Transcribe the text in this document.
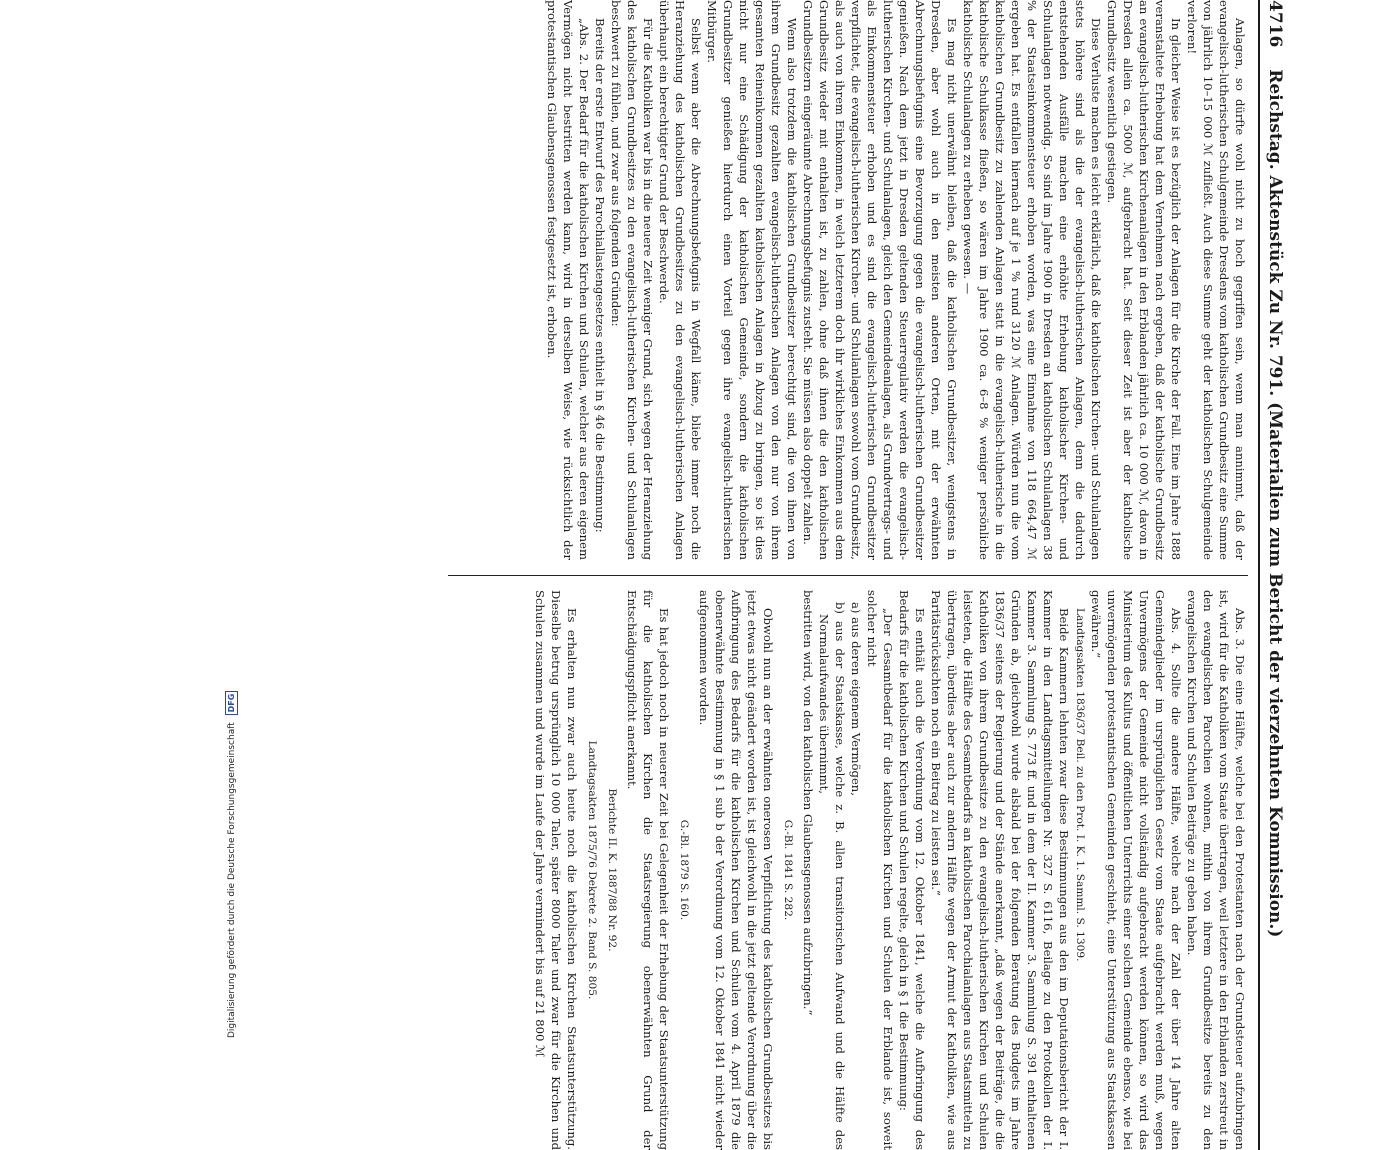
Digitalisierung gefördert durch die Deutsche Forschungsgemeinschaft DFG
4716 Reichstag. Aktenstück Zu Nr. 791. (Materialien zum Bericht der vierzehnten Kommission.)

Anlagen, so dürfte wohl nicht zu hoch gegriffen sein, wenn man annimmt, daß der evangelisch-lutherischen Schulgemeinde Dresdens vom katholischen Grundbesitz eine Summe von jährlich 10–15 000 ℳ zufließt. Auch diese Summe geht der katholischen Schulgemeinde verloren!

In gleicher Weise ist es bezüglich der Anlagen für die Kirche der Fall. Eine im Jahre 1888 veranstaltete Erhebung hat dem Vernehmen nach ergeben, daß der katholische Grundbesitz an evangelisch-lutherischen Kirchenanlagen in den Erblanden jährlich ca. 10 000 ℳ, davon in Dresden allein ca. 5000 ℳ, aufgebracht hat. Seit dieser Zeit ist aber der katholische Grundbesitz wesentlich gestiegen.

Diese Verluste machen es leicht erklärlich, daß die katholischen Kirchen- und Schulanlagen stets höhere sind als die der evangelisch-lutherischen Anlagen, denn die dadurch entstehenden Ausfälle machen eine erhöhte Erhebung katholischer Kirchen- und Schulanlagen notwendig. So sind im Jahre 1900 in Dresden an katholischen Schulanlagen 38 % der Staatseinkommensteuer erhoben worden, was eine Einnahme von 118 664,47 ℳ ergeben hat. Es entfallen hiernach auf je 1 % rund 3120 ℳ Anlagen. Würden nun die vom katholischen Grundbesitz zu zahlenden Anlagen statt in die evangelisch-lutherische in die katholische Schulkasse fließen, so wären im Jahre 1900 ca. 6–8 % weniger persönliche katholische Schulanlagen zu erheben gewesen. —

Es mag nicht unerwähnt bleiben, daß die katholischen Grundbesitzer, wenigstens in Dresden, aber wohl auch in den meisten anderen Orten, mit der erwähnten Abrechnungsbefugnis eine Bevorzugung gegen die evangelisch-lutherischen Grundbesitzer genießen. Nach dem jetzt in Dresden geltenden Steuerregulativ werden die evangelisch-lutherischen Kirchen- und Schulanlagen, gleich den Gemeindeanlagen, als Grundvertrags- und als Einkommensteuer erhoben und es sind die evangelisch-lutherischen Grundbesitzer verpflichtet, die evangelisch-lutherischen Kirchen- und Schulanlagen sowohl vom Grundbesitz, als auch von ihrem Einkommen, in welch letzterem doch ihr wirkliches Einkommen aus dem Grundbesitz wieder mit enthalten ist, zu zahlen, ohne daß ihnen die den katholischen Grundbesitzern eingeräumte Abrechnungsbefugnis zusteht. Sie müssen also doppelt zahlen.

Wenn also trotzdem die katholischen Grundbesitzer berechtigt sind, die von ihnen von ihrem Grundbesitz gezahlten evangelisch-lutherischen Anlagen von den nur von ihrem gesamten Reineinkommen gezahlten katholischen Anlagen in Abzug zu bringen, so ist dies nicht nur eine Schädigung der katholischen Gemeinde, sondern die katholischen Grundbesitzer genießen hierdurch einen Vorteil gegen ihre evangelisch-lutherischen Mitbürger.

Selbst wenn aber die Abrechnungsbefugnis in Wegfall käme, bliebe immer noch die Heranziehung des katholischen Grundbesitzes zu den evangelisch-lutherischen Anlagen überhaupt ein berechtigter Grund der Beschwerde.

Für die Katholiken war bis in die neuere Zeit weniger Grund, sich wegen der Heranziehung des katholischen Grundbesitzes zu den evangelisch-lutherischen Kirchen- und Schulanlagen beschwert zu fühlen, und zwar aus folgenden Gründen:

Bereits der erste Entwurf des Parochiallastengesetzes enthielt in § 46 die Bestimmung:

„Abs. 2. Der Bedarf für die katholischen Kirchen und Schulen, welcher aus deren eigenem Vermögen nicht bestritten werden kann, wird in derselben Weise, wie rücksichtlich der protestantischen Glaubensgenossen festgesetzt ist, erhoben.

Abs. 3. Die eine Hälfte, welche bei den Protestanten nach der Grundsteuer aufzubringen ist, wird für die Katholiken vom Staate übertragen, weil letztere in den Erblanden zerstreut in den evangelischen Parochien wohnen, mithin von ihrem Grundbesitze bereits zu den evangelischen Kirchen und Schulen Beiträge zu geben haben.

Abs. 4. Sollte die andere Hälfte, welche nach der Zahl der über 14 Jahre alten Gemeindeglieder im ursprünglichen Gesetz vom Staate aufgebracht werden muß, wegen Unvermögens der Gemeinde nicht vollständig aufgebracht werden können, so wird das Ministerium des Kultus und öffentlichen Unterrichts einer solchen Gemeinde ebenso, wie bei unvermögenden protestantischen Gemeinden geschieht, eine Unterstützung aus Staatskassen gewähren.“

Landtagsakten 1836/37 Beil. zu den Prot. I. K. 1. Samml. S. 1309.

Beide Kammern lehnten zwar diese Bestimmungen aus den im Deputationsbericht der I. Kammer in den Landtagsmitteilungen Nr. 327 S. 6116, Beilage zu den Protokollen der I. Kammer 3. Sammlung S. 773 ff. und in dem der II. Kammer 3. Sammlung S. 391 enthaltenen Gründen ab, gleichwohl wurde alsbald bei der folgenden Beratung des Budgets im Jahre 1836/37 seitens der Regierung und der Stände anerkannt, „daß wegen der Beiträge, die die Katholiken von ihrem Grundbesitze zu den evangelisch-lutherischen Kirchen und Schulen leisteten, die Hälfte des Gesamtbedarfs an katholischen Parochialanlagen aus Staatsmitteln zu übertragen, überdies aber auch zur andern Hälfte wegen der Armut der Katholiken, wie aus Paritätsrücksichten noch ein Beitrag zu leisten sei.“

Es enthält auch die Verordnung vom 12. Oktober 1841, welche die Aufbringung des Bedarfs für die katholischen Kirchen und Schulen regelte, gleich in § 1 die Bestimmung:

„Der Gesamtbedarf für die katholischen Kirchen und Schulen der Erblande ist, soweit solcher nicht

a) aus deren eigenem Vermögen,

b) aus der Staatskasse, welche z. B. allen transitorischen Aufwand und die Hälfte des Normalaufwandes übernimmt,

bestritten wird, von den katholischen Glaubensgenossen aufzubringen.“

G.-Bl. 1841 S. 282.

Obwohl nun an der erwähnten onerosen Verpflichtung des katholischen Grundbesitzes bis jetzt etwas nicht geändert worden ist, ist gleichwohl in die jetzt geltende Verordnung über die Aufbringung des Bedarfs für die katholischen Kirchen und Schulen vom 4. April 1879 die obenerwähnte Bestimmung in § 1 sub b der Verordnung vom 12. Oktober 1841 nicht wieder aufgenommen worden.

G.-Bl. 1879 S. 160.

Es hat jedoch noch in neuerer Zeit bei Gelegenheit der Erhebung der Staatsunterstützung für die katholischen Kirchen die Staatsregierung obenerwähnten Grund der Entschädigungspflicht anerkannt.

Berichte II. K. 1887/88 Nr. 92.

Landtagsakten 1875/76 Dekrete 2. Band S. 805.

Es erhalten nun zwar auch heute noch die katholischen Kirchen Staatsunterstützung. Dieselbe betrug ursprünglich 10 000 Taler, später 8000 Taler und zwar für die Kirchen und Schulen zusammen und wurde im Laufe der Jahre vermindert bis auf 21 800 ℳ
